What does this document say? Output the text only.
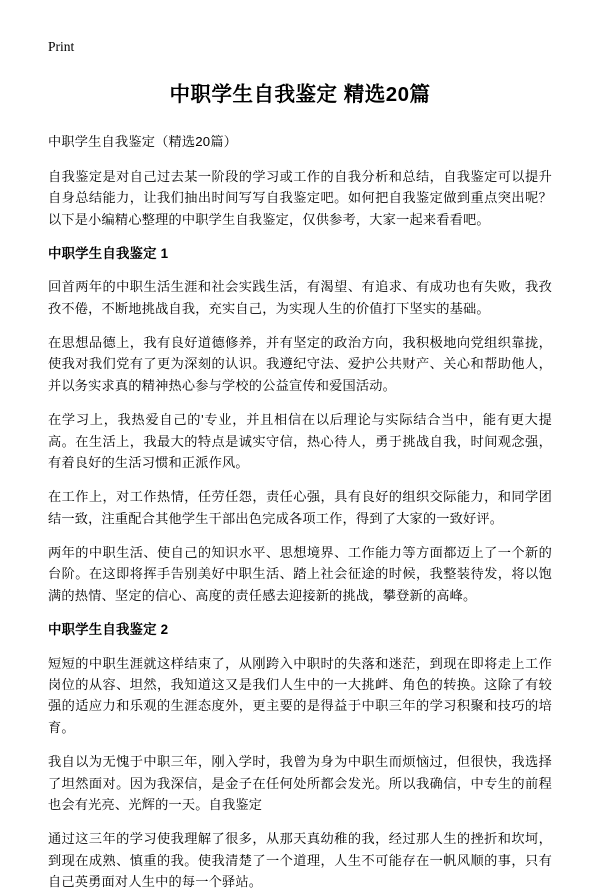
Print
中职学生自我鉴定 精选20篇

中职学生自我鉴定（精选20篇）

自我鉴定是对自己过去某一阶段的学习或工作的自我分析和总结，自我鉴定可以提升自身总结能力，让我们抽出时间写写自我鉴定吧。如何把自我鉴定做到重点突出呢？以下是小编精心整理的中职学生自我鉴定，仅供参考，大家一起来看看吧。

中职学生自我鉴定 1

回首两年的中职生活生涯和社会实践生活，有渴望、有追求、有成功也有失败，我孜孜不倦，不断地挑战自我，充实自己，为实现人生的价值打下坚实的基础。

在思想品德上，我有良好道德修养，并有坚定的政治方向，我积极地向党组织靠拢，使我对我们党有了更为深刻的认识。我遵纪守法、爱护公共财产、关心和帮助他人，并以务实求真的精神热心参与学校的公益宣传和爱国活动。

在学习上，我热爱自己的'专业，并且相信在以后理论与实际结合当中，能有更大提高。在生活上，我最大的特点是诚实守信，热心待人，勇于挑战自我，时间观念强，有着良好的生活习惯和正派作风。

在工作上，对工作热情，任劳任怨，责任心强，具有良好的组织交际能力，和同学团结一致，注重配合其他学生干部出色完成各项工作，得到了大家的一致好评。

两年的中职生活、使自己的知识水平、思想境界、工作能力等方面都迈上了一个新的台阶。在这即将挥手告别美好中职生活、踏上社会征途的时候，我整装待发，将以饱满的热情、坚定的信心、高度的责任感去迎接新的挑战，攀登新的高峰。

中职学生自我鉴定 2

短短的中职生涯就这样结束了，从刚跨入中职时的失落和迷茫，到现在即将走上工作岗位的从容、坦然，我知道这又是我们人生中的一大挑衅、角色的转换。这除了有较强的适应力和乐观的生涯态度外，更主要的是得益于中职三年的学习积聚和技巧的培育。

我自以为无愧于中职三年，刚入学时，我曾为身为中职生而烦恼过，但很快，我选择了坦然面对。因为我深信，是金子在任何处所都会发光。所以我确信，中专生的前程也会有光亮、光辉的一天。自我鉴定

通过这三年的学习使我理解了很多，从那天真幼稚的我，经过那人生的挫折和坎坷，到现在成熟、慎重的我。使我清楚了一个道理，人生不可能存在一帆风顺的事，只有自己英勇面对人生中的每一个驿站。
